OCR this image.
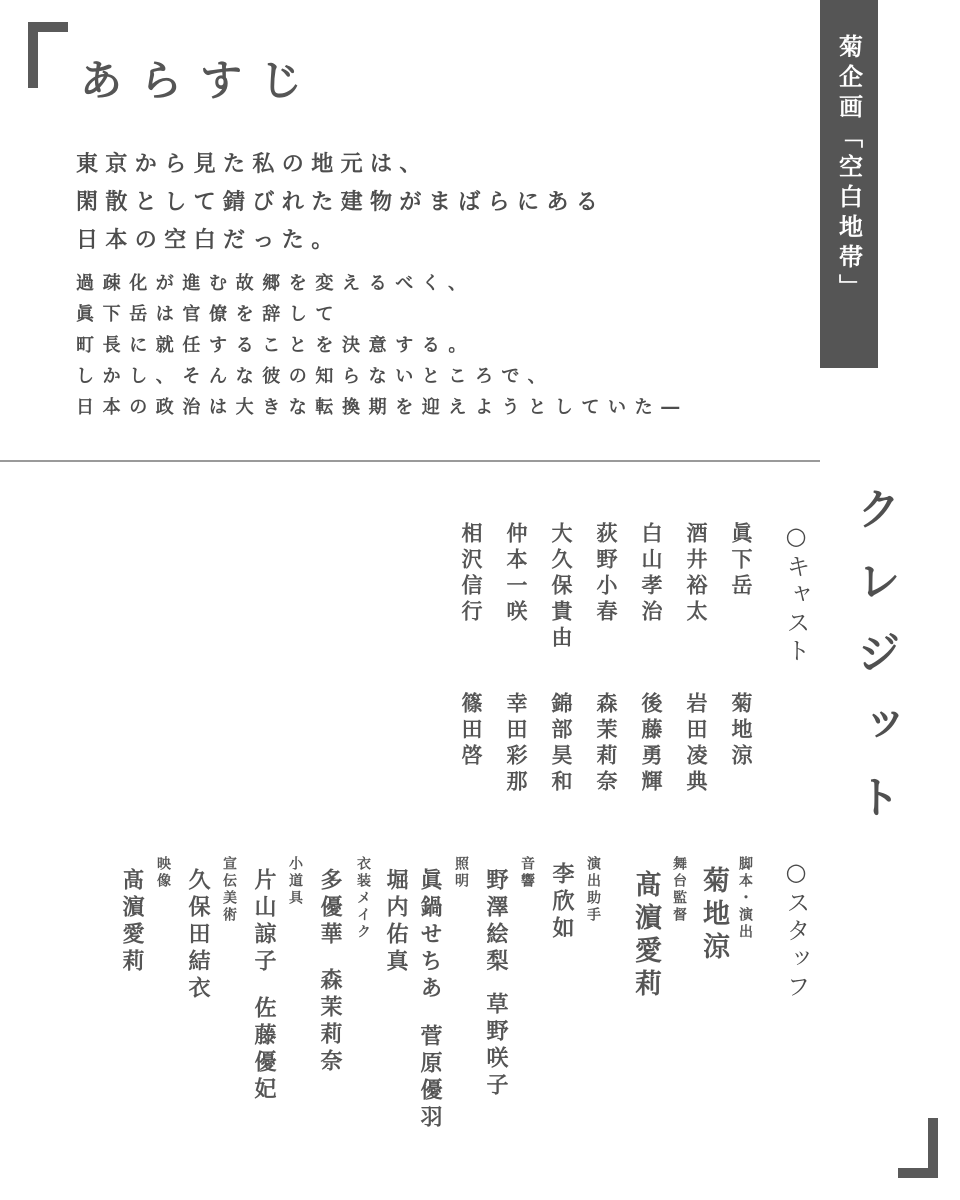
あらすじ
東京から見た私の地元は、
閑散として錆びれた建物がまばらにある
日本の空白だった。
過疎化が進む故郷を変えるべく、
眞下岳は官僚を辞して
町長に就任することを決意する。
しかし、そんな彼の知らないところで、
日本の政治は大きな転換期を迎えようとしていた―
菊企画「空白地帯」
クレジット
○キャスト
眞下岳
酒井裕太
白山孝治
荻野小春
大久保貴由
仲本一咲
相沢信行
菊地涼
岩田凌典
後藤勇輝
森茉莉奈
錦部昊和
幸田彩那
篠田啓
○スタッフ
脚本・演出
菊地涼
舞台監督
髙濵愛莉
演出助手
李欣如
音響
野澤絵梨
草野咲子
照明
眞鍋せちあ
菅原優羽
衣装メイク 堀内佑真
多優華
森茉莉奈
小道具
片山諒子
佐藤優妃
宣伝美術
久保田結衣
映像
髙濵愛莉
